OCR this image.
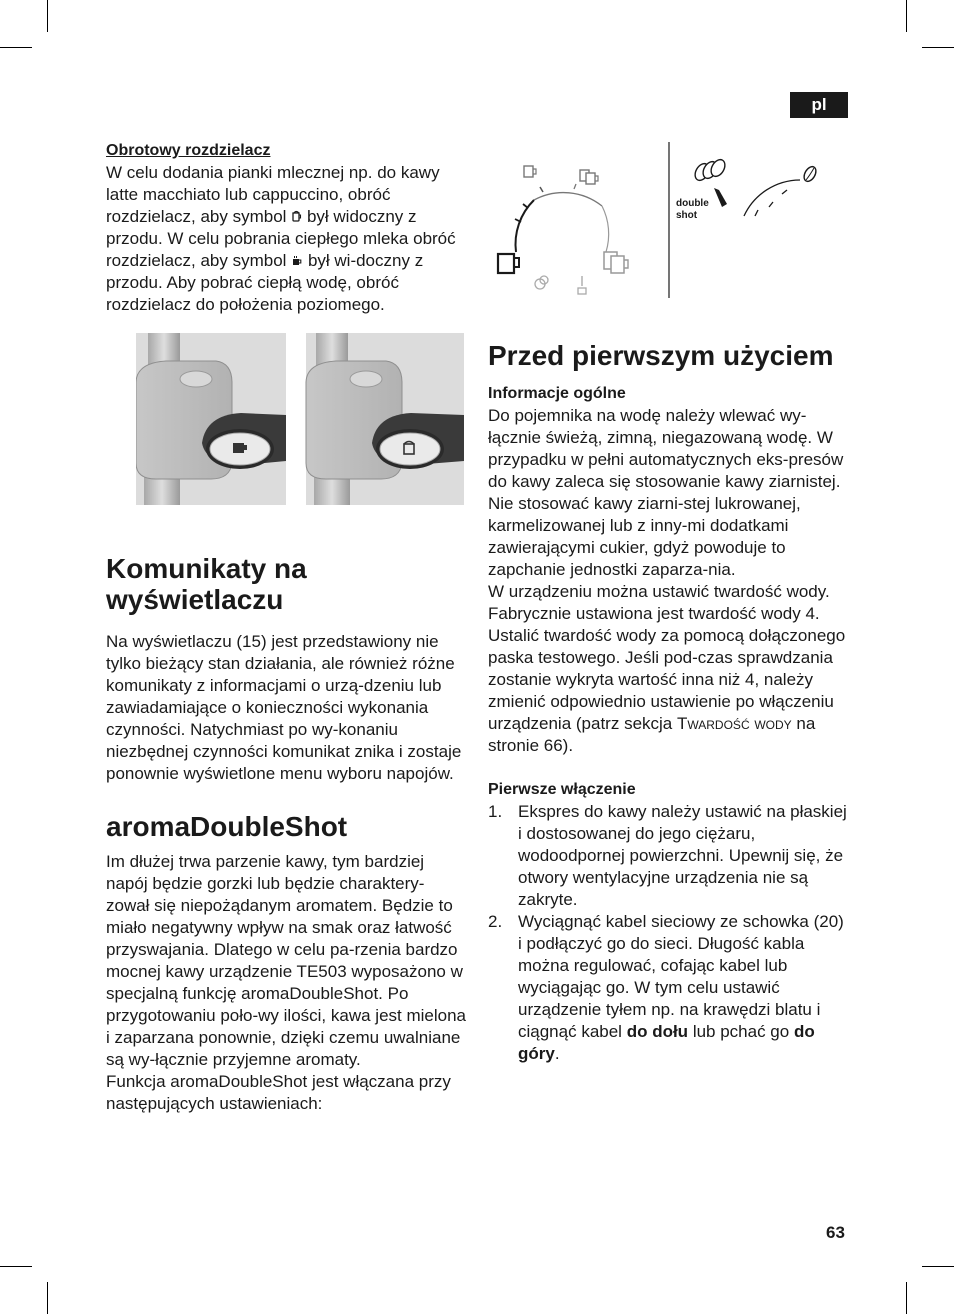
pl

Obrotowy rozdzielacz

W celu dodania pianki mlecznej np. do kawy latte macchiato lub cappuccino, obróć rozdzielacz, aby symbol był widoczny z przodu. W celu pobrania ciepłego mleka obróć rozdzielacz, aby symbol był wi-doczny z przodu. Aby pobrać ciepłą wodę, obróć rozdzielacz do położenia poziomego.

Komunikaty na
wyświetlaczu

Na wyświetlaczu (15) jest przedstawiony nie tylko bieżący stan działania, ale również różne komunikaty z informacjami o urzą-dzeniu lub zawiadamiające o konieczności wykonania czynności. Natychmiast po wy-konaniu niezbędnej czynności komunikat znika i zostaje ponownie wyświetlone menu wyboru napojów.

aromaDoubleShot

Im dłużej trwa parzenie kawy, tym bardziej napój będzie gorzki lub będzie charaktery-zował się niepożądanym aromatem. Będzie to miało negatywny wpływ na smak oraz łatwość przyswajania. Dlatego w celu pa-rzenia bardzo mocnej kawy urządzenie TE503 wyposażono w specjalną funkcję aromaDoubleShot. Po przygotowaniu poło-wy ilości, kawa jest mielona i zaparzana ponownie, dzięki czemu uwalniane są wy-łącznie przyjemne aromaty.

Funkcja aromaDoubleShot jest włączana przy następujących ustawieniach:

double
shot
Przed pierwszym użyciem

Informacje ogólne

Do pojemnika na wodę należy wlewać wy-łącznie świeżą, zimną, niegazowaną wodę. W przypadku w pełni automatycznych eks-presów do kawy zaleca się stosowanie kawy ziarnistej. Nie stosować kawy ziarni-stej lukrowanej, karmelizowanej lub z inny-mi dodatkami zawierającymi cukier, gdyż powoduje to zapchanie jednostki zaparza-nia.

W urządzeniu można ustawić twardość wody. Fabrycznie ustawiona jest twardość wody 4. Ustalić twardość wody za pomocą dołączonego paska testowego. Jeśli pod-czas sprawdzania zostanie wykryta wartość inna niż 4, należy zmienić odpowiednio ustawienie po włączeniu urządzenia (patrz sekcja Twardość wody na stronie 66).

Pierwsze włączenie

1. Ekspres do kawy należy ustawić na płaskiej i dostosowanej do jego ciężaru, wodoodpornej powierzchni. Upewnij się, że otwory wentylacyjne urządzenia nie są zakryte.
2. Wyciągnąć kabel sieciowy ze schowka (20) i podłączyć go do sieci. Długość kabla można regulować, cofając kabel lub wyciągając go. W tym celu ustawić urządzenie tyłem np. na krawędzi blatu i ciągnąć kabel do dołu lub pchać go do góry.
63
